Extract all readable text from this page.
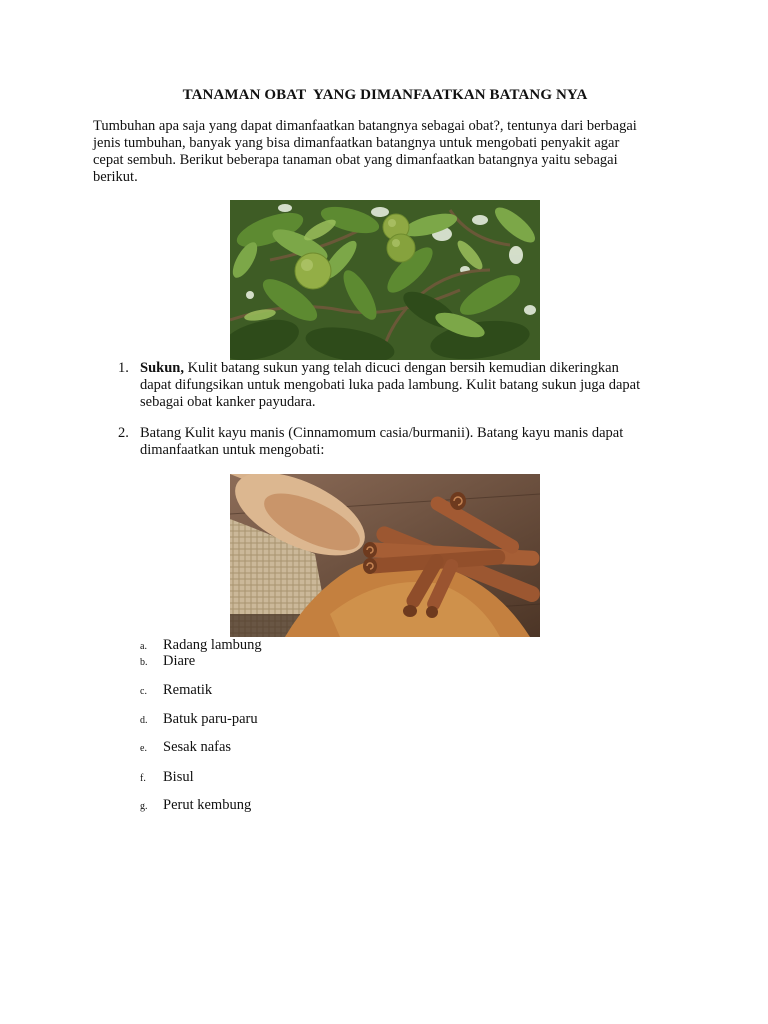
TANAMAN OBAT  YANG DIMANFAATKAN BATANG NYA
Tumbuhan apa saja yang dapat dimanfaatkan batangnya sebagai obat?, tentunya dari berbagai
jenis tumbuhan, banyak yang bisa dimanfaatkan batangnya untuk mengobati penyakit agar
cepat sembuh. Berikut beberapa tanaman obat yang dimanfaatkan batangnya yaitu sebagai
berikut.
1. Sukun, Kulit batang sukun yang telah dicuci dengan bersih kemudian dikeringkan
dapat difungsikan untuk mengobati luka pada lambung. Kulit batang sukun juga dapat
sebagai obat kanker payudara.
2. Batang Kulit kayu manis (Cinnamomum casia/burmanii). Batang kayu manis dapat
dimanfaatkan untuk mengobati:
a. Radang lambung
b. Diare
c. Rematik
d. Batuk paru-paru
e. Sesak nafas
f. Bisul
g. Perut kembung
